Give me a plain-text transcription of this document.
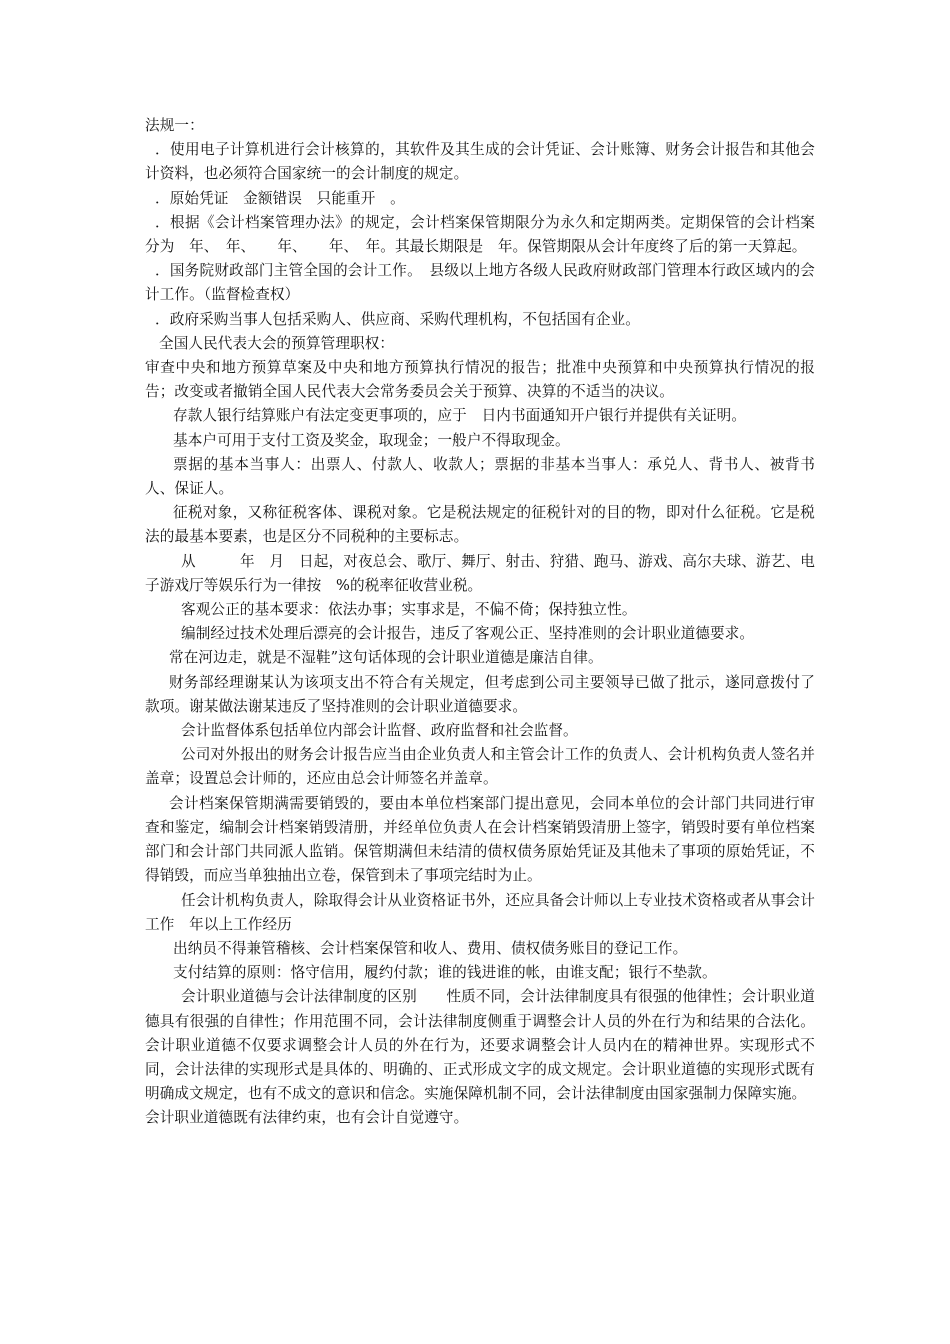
法规一：

．使用电子计算机进行会计核算的，其软件及其生成的会计凭证、会计账簿、财务会计报告和其他会计资料，也必须符合国家统一的会计制度的规定。

．原始凭证　金额错误　只能重开　。

．根据《会计档案管理办法》的规定，会计档案保管期限分为永久和定期两类。定期保管的会计档案分为　年、　年、　　年、　　年、　年。其最长期限是　年。保管期限从会计年度终了后的第一天算起。

．国务院财政部门主管全国的会计工作。　县级以上地方各级人民政府财政部门管理本行政区域内的会计工作。（监督检查权）

．政府采购当事人包括采购人、供应商、采购代理机构，不包括国有企业。

全国人民代表大会的预算管理职权：

审查中央和地方预算草案及中央和地方预算执行情况的报告；批准中央预算和中央预算执行情况的报告；改变或者撤销全国人民代表大会常务委员会关于预算、决算的不适当的决议。

存款人银行结算账户有法定变更事项的，应于　日内书面通知开户银行并提供有关证明。

基本户可用于支付工资及奖金，取现金；一般户不得取现金。

票据的基本当事人：出票人、付款人、收款人；票据的非基本当事人：承兑人、背书人、被背书人、保证人。

征税对象，又称征税客体、课税对象。它是税法规定的征税针对的目的物，即对什么征税。它是税法的最基本要素，也是区分不同税种的主要标志。

从　　　年　月　日起，对夜总会、歌厅、舞厅、射击、狩猎、跑马、游戏、高尔夫球、游艺、电子游戏厅等娱乐行为一律按　%的税率征收营业税。

客观公正的基本要求：依法办事；实事求是，不偏不倚；保持独立性。

编制经过技术处理后漂亮的会计报告，违反了客观公正、坚持准则的会计职业道德要求。

常在河边走，就是不湿鞋”这句话体现的会计职业道德是廉洁自律。

财务部经理谢某认为该项支出不符合有关规定，但考虑到公司主要领导已做了批示，遂同意拨付了款项。谢某做法谢某违反了坚持准则的会计职业道德要求。

会计监督体系包括单位内部会计监督、政府监督和社会监督。

公司对外报出的财务会计报告应当由企业负责人和主管会计工作的负责人、会计机构负责人签名并盖章；设置总会计师的，还应由总会计师签名并盖章。

会计档案保管期满需要销毁的，要由本单位档案部门提出意见，会同本单位的会计部门共同进行审查和鉴定，编制会计档案销毁清册，并经单位负责人在会计档案销毁清册上签字，销毁时要有单位档案部门和会计部门共同派人监销。保管期满但未结清的债权债务原始凭证及其他未了事项的原始凭证，不得销毁，而应当单独抽出立卷，保管到未了事项完结时为止。

任会计机构负责人，除取得会计从业资格证书外，还应具备会计师以上专业技术资格或者从事会计工作　年以上工作经历

出纳员不得兼管稽核、会计档案保管和收人、费用、债权债务账目的登记工作。

支付结算的原则：恪守信用，履约付款；谁的钱进谁的帐，由谁支配；银行不垫款。

会计职业道德与会计法律制度的区别　　性质不同，会计法律制度具有很强的他律性；会计职业道德具有很强的自律性；作用范围不同，会计法律制度侧重于调整会计人员的外在行为和结果的合法化。会计职业道德不仅要求调整会计人员的外在行为，还要求调整会计人员内在的精神世界。实现形式不同，会计法律的实现形式是具体的、明确的、正式形成文字的成文规定。会计职业道德的实现形式既有明确成文规定，也有不成文的意识和信念。实施保障机制不同，会计法律制度由国家强制力保障实施。

会计职业道德既有法律约束，也有会计自觉遵守。
